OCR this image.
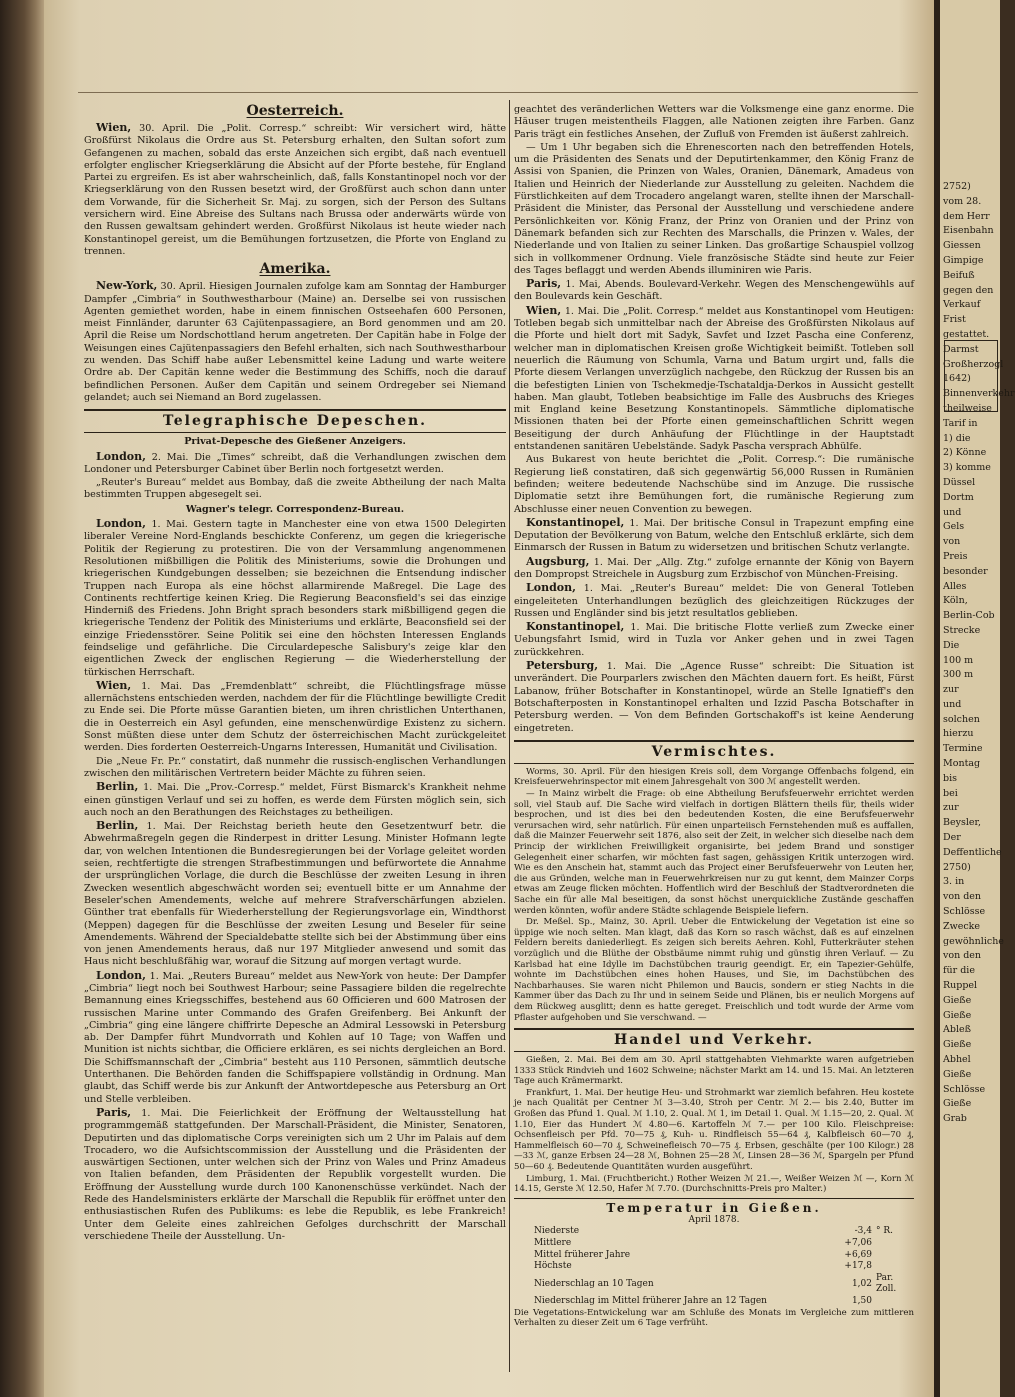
Oesterreich.

Wien, 30. April. Die „Polit. Corresp.“ schreibt: Wir versichert wird, hätte Großfürst Nikolaus die Ordre aus St. Petersburg erhalten, den Sultan sofort zum Gefangenen zu machen, sobald das erste Anzeichen sich ergibt, daß nach eventuell erfolgter englischer Kriegserklärung die Absicht auf der Pforte bestehe, für England Partei zu ergreifen. Es ist aber wahrscheinlich, daß, falls Konstantinopel noch vor der Kriegserklärung von den Russen besetzt wird, der Großfürst auch schon dann unter dem Vorwande, für die Sicherheit Sr. Maj. zu sorgen, sich der Person des Sultans versichern wird. Eine Abreise des Sultans nach Brussa oder anderwärts würde von den Russen gewaltsam gehindert werden. Großfürst Nikolaus ist heute wieder nach Konstantinopel gereist, um die Bemühungen fortzusetzen, die Pforte von England zu trennen.

Amerika.

New-York, 30. April. Hiesigen Journalen zufolge kam am Sonntag der Hamburger Dampfer „Cimbria“ in Southwestharbour (Maine) an. Derselbe sei von russischen Agenten gemiethet worden, habe in einem finnischen Ostseehafen 600 Personen, meist Finnländer, darunter 63 Cajütenpassagiere, an Bord genommen und am 20. April die Reise um Nordschottland herum angetreten. Der Capitän habe in Folge der Weisungen eines Cajütenpassagiers den Befehl erhalten, sich nach Southwestharbour zu wenden. Das Schiff habe außer Lebensmittel keine Ladung und warte weitere Ordre ab. Der Capitän kenne weder die Bestimmung des Schiffs, noch die darauf befindlichen Personen. Außer dem Capitän und seinem Ordregeber sei Niemand gelandet; auch sei Niemand an Bord zugelassen.

Telegraphische Depeschen.
Privat-Depesche des Gießener Anzeigers.

London, 2. Mai. Die „Times“ schreibt, daß die Verhandlungen zwischen dem Londoner und Petersburger Cabinet über Berlin noch fortgesetzt werden.

„Reuter's Bureau“ meldet aus Bombay, daß die zweite Abtheilung der nach Malta bestimmten Truppen abgesegelt sei.

Wagner's telegr. Correspondenz-Bureau.

London, 1. Mai. Gestern tagte in Manchester eine von etwa 1500 Delegirten liberaler Vereine Nord-Englands beschickte Conferenz, um gegen die kriegerische Politik der Regierung zu protestiren. Die von der Versammlung angenommenen Resolutionen mißbilligen die Politik des Ministeriums, sowie die Drohungen und kriegerischen Kundgebungen desselben; sie bezeichnen die Entsendung indischer Truppen nach Europa als eine höchst allarmirende Maßregel. Die Lage des Continents rechtfertige keinen Krieg. Die Regierung Beaconsfield's sei das einzige Hinderniß des Friedens. John Bright sprach besonders stark mißbilligend gegen die kriegerische Tendenz der Politik des Ministeriums und erklärte, Beaconsfield sei der einzige Friedensstörer. Seine Politik sei eine den höchsten Interessen Englands feindselige und gefährliche. Die Circulardepesche Salisbury's zeige klar den eigentlichen Zweck der englischen Regierung — die Wiederherstellung der türkischen Herrschaft.

Wien, 1. Mai. Das „Fremdenblatt“ schreibt, die Flüchtlingsfrage müsse allernächstens entschieden werden, nachdem der für die Flüchtlinge bewilligte Credit zu Ende sei. Die Pforte müsse Garantien bieten, um ihren christlichen Unterthanen, die in Oesterreich ein Asyl gefunden, eine menschenwürdige Existenz zu sichern. Sonst müßten diese unter dem Schutz der österreichischen Macht zurückgeleitet werden. Dies forderten Oesterreich-Ungarns Interessen, Humanität und Civilisation.

Die „Neue Fr. Pr.“ constatirt, daß nunmehr die russisch-englischen Verhandlungen zwischen den militärischen Vertretern beider Mächte zu führen seien.

Berlin, 1. Mai. Die „Prov.-Corresp.“ meldet, Fürst Bismarck's Krankheit nehme einen günstigen Verlauf und sei zu hoffen, es werde dem Fürsten möglich sein, sich auch noch an den Berathungen des Reichstages zu betheiligen.

Berlin, 1. Mai. Der Reichstag berieth heute den Gesetzentwurf betr. die Abwehrmaßregeln gegen die Rinderpest in dritter Lesung. Minister Hofmann legte dar, von welchen Intentionen die Bundesregierungen bei der Vorlage geleitet worden seien, rechtfertigte die strengen Strafbestimmungen und befürwortete die Annahme der ursprünglichen Vorlage, die durch die Beschlüsse der zweiten Lesung in ihren Zwecken wesentlich abgeschwächt worden sei; eventuell bitte er um Annahme der Beseler'schen Amendements, welche auf mehrere Strafverschärfungen abzielen. Günther trat ebenfalls für Wiederherstellung der Regierungsvorlage ein, Windthorst (Meppen) dagegen für die Beschlüsse der zweiten Lesung und Beseler für seine Amendements. Während der Specialdebatte stellte sich bei der Abstimmung über eins von jenen Amendements heraus, daß nur 197 Mitglieder anwesend und somit das Haus nicht beschlußfähig war, worauf die Sitzung auf morgen vertagt wurde.

London, 1. Mai. „Reuters Bureau“ meldet aus New-York von heute: Der Dampfer „Cimbria“ liegt noch bei Southwest Harbour; seine Passagiere bilden die regelrechte Bemannung eines Kriegsschiffes, bestehend aus 60 Officieren und 600 Matrosen der russischen Marine unter Commando des Grafen Greifenberg. Bei Ankunft der „Cimbria“ ging eine längere chiffrirte Depesche an Admiral Lessowski in Petersburg ab. Der Dampfer führt Mundvorrath und Kohlen auf 10 Tage; von Waffen und Munition ist nichts sichtbar, die Officiere erklären, es sei nichts dergleichen an Bord. Die Schiffsmannschaft der „Cimbria“ besteht aus 110 Personen, sämmtlich deutsche Unterthanen. Die Behörden fanden die Schiffspapiere vollständig in Ordnung. Man glaubt, das Schiff werde bis zur Ankunft der Antwortdepesche aus Petersburg an Ort und Stelle verbleiben.

Paris, 1. Mai. Die Feierlichkeit der Eröffnung der Weltausstellung hat programmgemäß stattgefunden. Der Marschall-Präsident, die Minister, Senatoren, Deputirten und das diplomatische Corps vereinigten sich um 2 Uhr im Palais auf dem Trocadero, wo die Aufsichtscommission der Ausstellung und die Präsidenten der auswärtigen Sectionen, unter welchen sich der Prinz von Wales und Prinz Amadeus von Italien befanden, dem Präsidenten der Republik vorgestellt wurden. Die Eröffnung der Ausstellung wurde durch 100 Kanonenschüsse verkündet. Nach der Rede des Handelsministers erklärte der Marschall die Republik für eröffnet unter den enthusiastischen Rufen des Publikums: es lebe die Republik, es lebe Frankreich! Unter dem Geleite eines zahlreichen Gefolges durchschritt der Marschall verschiedene Theile der Ausstellung. Un-

geachtet des veränderlichen Wetters war die Volksmenge eine ganz enorme. Die Häuser trugen meistentheils Flaggen, alle Nationen zeigten ihre Farben. Ganz Paris trägt ein festliches Ansehen, der Zufluß von Fremden ist äußerst zahlreich.

— Um 1 Uhr begaben sich die Ehrenescorten nach den betreffenden Hotels, um die Präsidenten des Senats und der Deputirtenkammer, den König Franz de Assisi von Spanien, die Prinzen von Wales, Oranien, Dänemark, Amadeus von Italien und Heinrich der Niederlande zur Ausstellung zu geleiten. Nachdem die Fürstlichkeiten auf dem Trocadero angelangt waren, stellte ihnen der Marschall-Präsident die Minister, das Personal der Ausstellung und verschiedene andere Persönlichkeiten vor. König Franz, der Prinz von Oranien und der Prinz von Dänemark befanden sich zur Rechten des Marschalls, die Prinzen v. Wales, der Niederlande und von Italien zu seiner Linken. Das großartige Schauspiel vollzog sich in vollkommener Ordnung. Viele französische Städte sind heute zur Feier des Tages beflaggt und werden Abends illuminiren wie Paris.

Paris, 1. Mai, Abends. Boulevard-Verkehr. Wegen des Menschengewühls auf den Boulevards kein Geschäft.

Wien, 1. Mai. Die „Polit. Corresp.“ meldet aus Konstantinopel vom Heutigen: Totleben begab sich unmittelbar nach der Abreise des Großfürsten Nikolaus auf die Pforte und hielt dort mit Sadyk, Savfet und Izzet Pascha eine Conferenz, welcher man in diplomatischen Kreisen große Wichtigkeit beimißt. Totleben soll neuerlich die Räumung von Schumla, Varna und Batum urgirt und, falls die Pforte diesem Verlangen unverzüglich nachgebe, den Rückzug der Russen bis an die befestigten Linien von Tschekmedje-Tschataldja-Derkos in Aussicht gestellt haben. Man glaubt, Totleben beabsichtige im Falle des Ausbruchs des Krieges mit England keine Besetzung Konstantinopels. Sämmtliche diplomatische Missionen thaten bei der Pforte einen gemeinschaftlichen Schritt wegen Beseitigung der durch Anhäufung der Flüchtlinge in der Hauptstadt entstandenen sanitären Uebelstände. Sadyk Pascha versprach Abhülfe.

Aus Bukarest von heute berichtet die „Polit. Corresp.“: Die rumänische Regierung ließ constatiren, daß sich gegenwärtig 56,000 Russen in Rumänien befinden; weitere bedeutende Nachschübe sind im Anzuge. Die russische Diplomatie setzt ihre Bemühungen fort, die rumänische Regierung zum Abschlusse einer neuen Convention zu bewegen.

Konstantinopel, 1. Mai. Der britische Consul in Trapezunt empfing eine Deputation der Bevölkerung von Batum, welche den Entschluß erklärte, sich dem Einmarsch der Russen in Batum zu widersetzen und britischen Schutz verlangte.

Augsburg, 1. Mai. Der „Allg. Ztg.“ zufolge ernannte der König von Bayern den Dompropst Streichele in Augsburg zum Erzbischof von München-Freising.

London, 1. Mai. „Reuter's Bureau“ meldet: Die von General Totleben eingeleiteten Unterhandlungen bezüglich des gleichzeitigen Rückzuges der Russen und Engländer sind bis jetzt resultatlos geblieben.

Konstantinopel, 1. Mai. Die britische Flotte verließ zum Zwecke einer Uebungsfahrt Ismid, wird in Tuzla vor Anker gehen und in zwei Tagen zurückkehren.

Petersburg, 1. Mai. Die „Agence Russe“ schreibt: Die Situation ist unverändert. Die Pourparlers zwischen den Mächten dauern fort. Es heißt, Fürst Labanow, früher Botschafter in Konstantinopel, würde an Stelle Ignatieff's den Botschafterposten in Konstantinopel erhalten und Izzid Pascha Botschafter in Petersburg werden. — Von dem Befinden Gortschakoff's ist keine Aenderung eingetreten.

Vermischtes.

Worms, 30. April. Für den hiesigen Kreis soll, dem Vorgange Offenbachs folgend, ein Kreisfeuerwehrinspector mit einem Jahresgehalt von 300 ℳ angestellt werden.

— In Mainz wirbelt die Frage: ob eine Abtheilung Berufsfeuerwehr errichtet werden soll, viel Staub auf. Die Sache wird vielfach in dortigen Blättern theils für, theils wider besprochen, und ist dies bei den bedeutenden Kosten, die eine Berufsfeuerwehr verursachen wird, sehr natürlich. Für einen unparteiisch Fernstehenden muß es auffallen, daß die Mainzer Feuerwehr seit 1876, also seit der Zeit, in welcher sich dieselbe nach dem Princip der wirklichen Freiwilligkeit organisirte, bei jedem Brand und sonstiger Gelegenheit einer scharfen, wir möchten fast sagen, gehässigen Kritik unterzogen wird. Wie es den Anschein hat, stammt auch das Project einer Berufsfeuerwehr von Leuten her, die aus Gründen, welche man in Feuerwehrkreisen nur zu gut kennt, dem Mainzer Corps etwas am Zeuge flicken möchten. Hoffentlich wird der Beschluß der Stadtverordneten die Sache ein für alle Mal beseitigen, da sonst höchst unerquickliche Zustände geschaffen werden könnten, wofür andere Städte schlagende Beispiele liefern.

Dr. Meßel. Sp., Mainz, 30. April. Ueber die Entwickelung der Vegetation ist eine so üppige wie noch selten. Man klagt, daß das Korn so rasch wächst, daß es auf einzelnen Feldern bereits daniederliegt. Es zeigen sich bereits Aehren. Kohl, Futterkräuter stehen vorzüglich und die Blüthe der Obstbäume nimmt ruhig und günstig ihren Verlauf. — Zu Karlsbad hat eine Idylle im Dachstübchen traurig geendigt. Er, ein Tapezier-Gehülfe, wohnte im Dachstübchen eines hohen Hauses, und Sie, im Dachstübchen des Nachbarhauses. Sie waren nicht Philemon und Baucis, sondern er stieg Nachts in die Kammer über das Dach zu Ihr und in seinem Seide und Plänen, bis er neulich Morgens auf dem Rückweg ausglitt; denn es hatte gereget. Freischlich und todt wurde der Arme vom Pflaster aufgehoben und Sie verschwand. —

Handel und Verkehr.

Gießen, 2. Mai. Bei dem am 30. April stattgehabten Viehmarkte waren aufgetrieben 1333 Stück Rindvieh und 1602 Schweine; nächster Markt am 14. und 15. Mai. An letzteren Tage auch Krämermarkt.

Frankfurt, 1. Mai. Der heutige Heu- und Strohmarkt war ziemlich befahren. Heu kostete je nach Qualität per Centner ℳ 3—3.40, Stroh per Centr. ℳ 2.— bis 2.40, Butter im Großen das Pfund 1. Qual. ℳ 1.10, 2. Qual. ℳ 1, im Detail 1. Qual. ℳ 1.15—20, 2. Qual. ℳ 1.10, Eier das Hundert ℳ 4.80—6. Kartoffeln ℳ 7.— per 100 Kilo. Fleischpreise: Ochsenfleisch per Pfd. 70—75 ₰, Kuh- u. Rindfleisch 55—64 ₰, Kalbfleisch 60—70 ₰, Hammelfleisch 60—70 ₰, Schweinefleisch 70—75 ₰. Erbsen, geschälte (per 100 Kilogr.) 28—33 ℳ, ganze Erbsen 24—28 ℳ, Bohnen 25—28 ℳ, Linsen 28—36 ℳ, Spargeln per Pfund 50—60 ₰. Bedeutende Quantitäten wurden ausgeführt.

Limburg, 1. Mai. (Fruchtbericht.) Rother Weizen ℳ 21.—, Weißer Weizen ℳ —, Korn ℳ 14.15, Gerste ℳ 12.50, Hafer ℳ 7.70. (Durchschnitts-Preis pro Malter.)

Temperatur in Gießen.
April 1878.
Niederste	-3,4	° R.
Mittlere	+7,06	
Mittel früherer Jahre	+6,69	
Höchste	+17,8	
Niederschlag an 10 Tagen	1,02	Par. Zoll.
Niederschlag im Mittel früherer Jahre an 12 Tagen	1,50	

Die Vegetations-Entwickelung war am Schluße des Monats im Vergleiche zum mittleren Verhalten zu dieser Zeit um 6 Tage verfrüht.

2752)
vom 28.
dem Herr
Eisenbahn
Giessen
Gimpige
Beifuß
gegen den
Verkauf
Frist
gestattet.
Darmst
Großherzogl
1642)
Binnenverkehr
theilweise
Tarif in
1) die
2) Könne
3) komme
Düssel
Dortm
und
Gels
von
Preis
besonder
Alles
Köln,
Berlin-Cob
Strecke
Die
100 m
300 m
zur
und
solchen
hierzu
Termine
Montag
bis
bei
zur
Beysler,
Der
Deffentliche
2750)
3. in
von den
Schlösse
Zwecke
gewöhnliche
von den
für die
Ruppel
Gieße
Gieße
Ableß
Gieße
Abhel
Gieße
Schlösse
Gieße
Grab
